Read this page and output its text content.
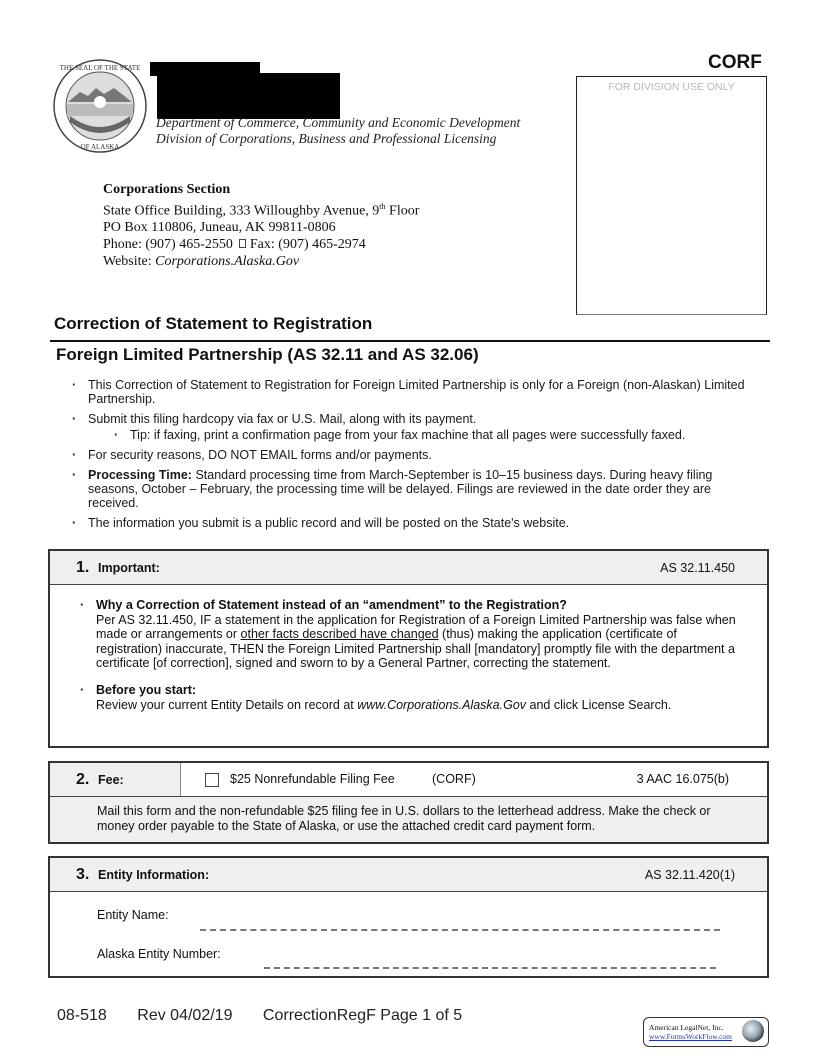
THE SEAL OF THE STATE
OF ALASKA
Department of Commerce, Community and Economic Development
Division of Corporations, Business and Professional Licensing
CORF
FOR DIVISION USE ONLY
Corporations Section
State Office Building, 333 Willoughby Avenue, 9th Floor
PO Box 110806, Juneau, AK 99811-0806
Phone: (907) 465-2550 Fax: (907) 465-2974
Website: Corporations.Alaska.Gov
Correction of Statement to Registration
Foreign Limited Partnership (AS 32.11 and AS 32.06)
· This Correction of Statement to Registration for Foreign Limited Partnership is only for a Foreign (non-Alaskan) Limited Partnership.
· Submit this filing hardcopy via fax or U.S. Mail, along with its payment.
· Tip: if faxing, print a confirmation page from your fax machine that all pages were successfully faxed.
· For security reasons, DO NOT EMAIL forms and/or payments.
· Processing Time: Standard processing time from March-September is 10–15 business days. During heavy filing seasons, October – February, the processing time will be delayed. Filings are reviewed in the date order they are received.
· The information you submit is a public record and will be posted on the State's website.
1. Important:	AS 32.11.450
· Why a Correction of Statement instead of an “amendment” to the Registration?
Per AS 32.11.450, IF a statement in the application for Registration of a Foreign Limited Partnership was false when made or arrangements or other facts described have changed (thus) making the application (certificate of registration) inaccurate, THEN the Foreign Limited Partnership shall [mandatory] promptly file with the department a certificate [of correction], signed and sworn to by a General Partner, correcting the statement.
· Before you start:
Review your current Entity Details on record at www.Corporations.Alaska.Gov and click License Search.
2. Fee:	$25 Nonrefundable Filing Fee	(CORF)	3 AAC 16.075(b)
Mail this form and the non-refundable $25 filing fee in U.S. dollars to the letterhead address. Make the check or money order payable to the State of Alaska, or use the attached credit card payment form.
3. Entity Information:	AS 32.11.420(1)
Entity Name:
Alaska Entity Number:
08-518 Rev 04/02/19 CorrectionRegF Page 1 of 5
American LegalNet, Inc.
www.FormsWorkFlow.com
